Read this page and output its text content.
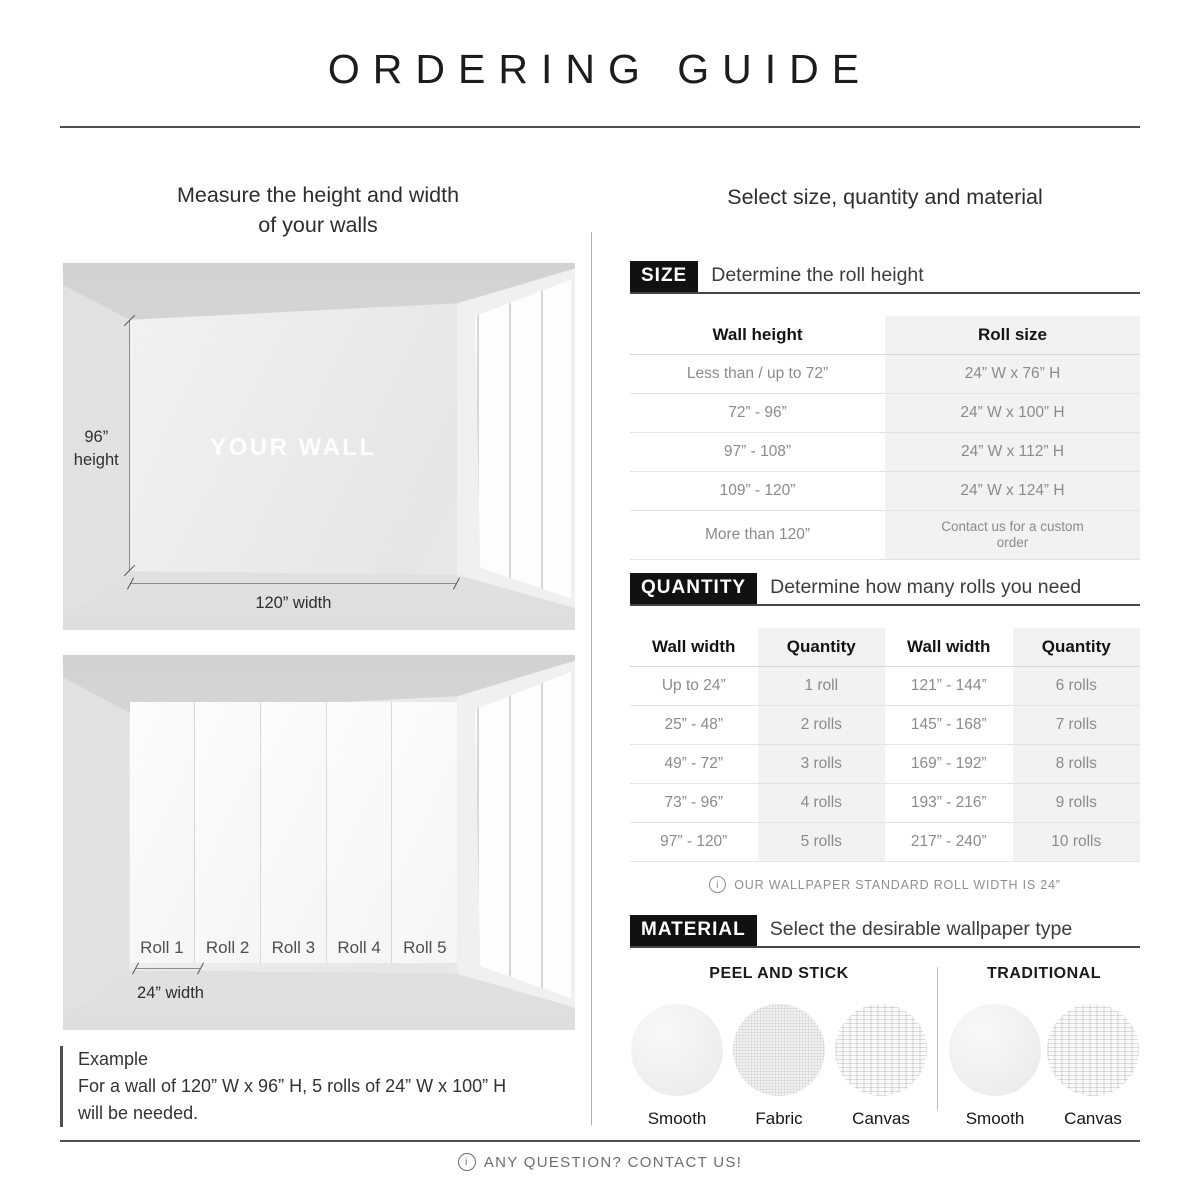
ORDERING GUIDE
Measure the height and width
of your walls
96”
height	YOUR WALL
120” width
Roll 1	Roll 2	Roll 3	Roll 4	Roll 5
24” width
Example
For a wall of 120” W x 96” H, 5 rolls of 24” W x 100” H
will be needed.
Select size, quantity and material
SIZE	Determine the roll height
Wall height	Roll size
Less than / up to 72”	24” W x 76” H
72” - 96”	24” W x 100” H
97” - 108”	24” W x 112” H
109” - 120”	24” W x 124” H
More than 120”	Contact us for a custom order
QUANTITY	Determine how many rolls you need
Wall width	Quantity	Wall width	Quantity
Up to 24”	1 roll	121” - 144”	6 rolls
25” - 48”	2 rolls	145” - 168”	7 rolls
49” - 72”	3 rolls	169” - 192”	8 rolls
73” - 96”	4 rolls	193” - 216”	9 rolls
97” - 120”	5 rolls	217” - 240”	10 rolls
i	OUR WALLPAPER STANDARD ROLL WIDTH IS 24”
MATERIAL	Select the desirable wallpaper type
PEEL AND STICK
Smooth	Fabric	Canvas
TRADITIONAL
Smooth	Canvas
i	ANY QUESTION? CONTACT US!
